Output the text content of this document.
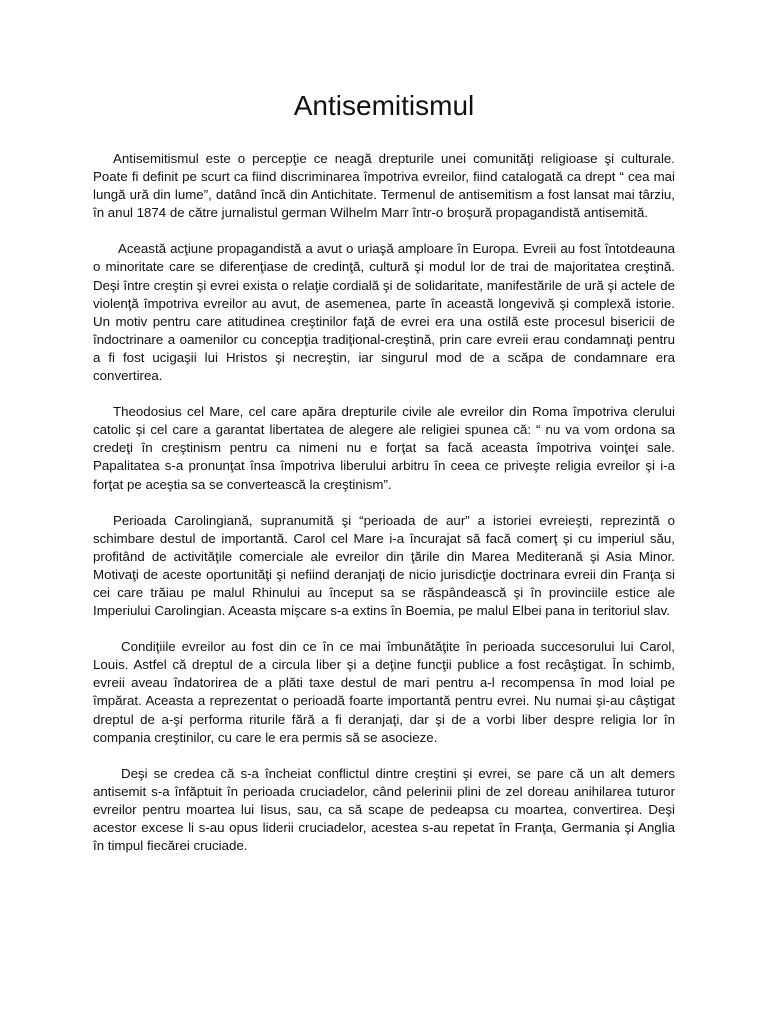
Antisemitismul

Antisemitismul este o percepţie ce neagă drepturile unei comunităţi religioase şi culturale. Poate fi definit pe scurt ca fiind discriminarea împotriva evreilor, fiind catalogată ca drept “ cea mai lungă ură din lume”, datând încă din Antichitate. Termenul de antisemitism a fost lansat mai târziu, în anul 1874 de către jurnalistul german Wilhelm Marr într-o broşură propagandistă antisemită.

Această acţiune propagandistă a avut o uriaşă amploare în Europa. Evreii au fost întotdeauna o minoritate care se diferenţiase de credinţă, cultură şi modul lor de trai de majoritatea creştină. Deşi între creştin şi evrei exista o relaţie cordială şi de solidaritate, manifestările de ură şi actele de violenţă împotriva evreilor au avut, de asemenea, parte în această longevivă şi complexă istorie. Un motiv pentru care atitudinea creştinilor faţă de evrei era una ostilă este procesul bisericii de îndoctrinare a oamenilor cu concepţia tradiţional-creştină, prin care evreii erau condamnaţi pentru a fi fost ucigaşii lui Hristos şi necreştin, iar singurul mod de a scăpa de condamnare era convertirea.

Theodosius cel Mare, cel care apăra drepturile civile ale evreilor din Roma împotriva clerului catolic şi cel care a garantat libertatea de alegere ale religiei spunea că: “ nu va vom ordona sa credeţi în creştinism pentru ca nimeni nu e forţat sa facă aceasta împotriva voinţei sale. Papalitatea s-a pronunţat însa împotriva liberului arbitru în ceea ce priveşte religia evreilor şi i-a forţat pe aceştia sa se convertească la creştinism”.

Perioada Carolingiană, supranumită şi “perioada de aur” a istoriei evreieşti, reprezintă o schimbare destul de importantă. Carol cel Mare i-a încurajat să facă comerţ şi cu imperiul său, profitând de activităţile comerciale ale evreilor din ţările din Marea Mediterană şi Asia Minor. Motivaţi de aceste oportunităţi şi nefiind deranjaţi de nicio jurisdicţie doctrinara evreii din Franţa si cei care trăiau pe malul Rhinului au început sa se răspândească şi în provinciile estice ale Imperiului Carolingian. Aceasta mişcare s-a extins în Boemia, pe malul Elbei pana in teritoriul slav.

Condiţiile evreilor au fost din ce în ce mai îmbunătăţite în perioada succesorului lui Carol, Louis. Astfel că dreptul de a circula liber şi a deţine funcţii publice a fost recâştigat. În schimb, evreii aveau îndatorirea de a plăti taxe destul de mari pentru a-l recompensa în mod loial pe împărat. Aceasta a reprezentat o perioadă foarte importantă pentru evrei. Nu numai şi-au câştigat dreptul de a-şi performa riturile fără a fi deranjaţi, dar şi de a vorbi liber despre religia lor în compania creştinilor, cu care le era permis să se asocieze.

Deşi se credea că s-a încheiat conflictul dintre creştini şi evrei, se pare că un alt demers antisemit s-a înfăptuit în perioada cruciadelor, când pelerinii plini de zel doreau anihilarea tuturor evreilor pentru moartea lui Iisus, sau, ca să scape de pedeapsa cu moartea, convertirea. Deşi acestor excese li s-au opus liderii cruciadelor, acestea s-au repetat în Franţa, Germania şi Anglia în timpul fiecărei cruciade.
